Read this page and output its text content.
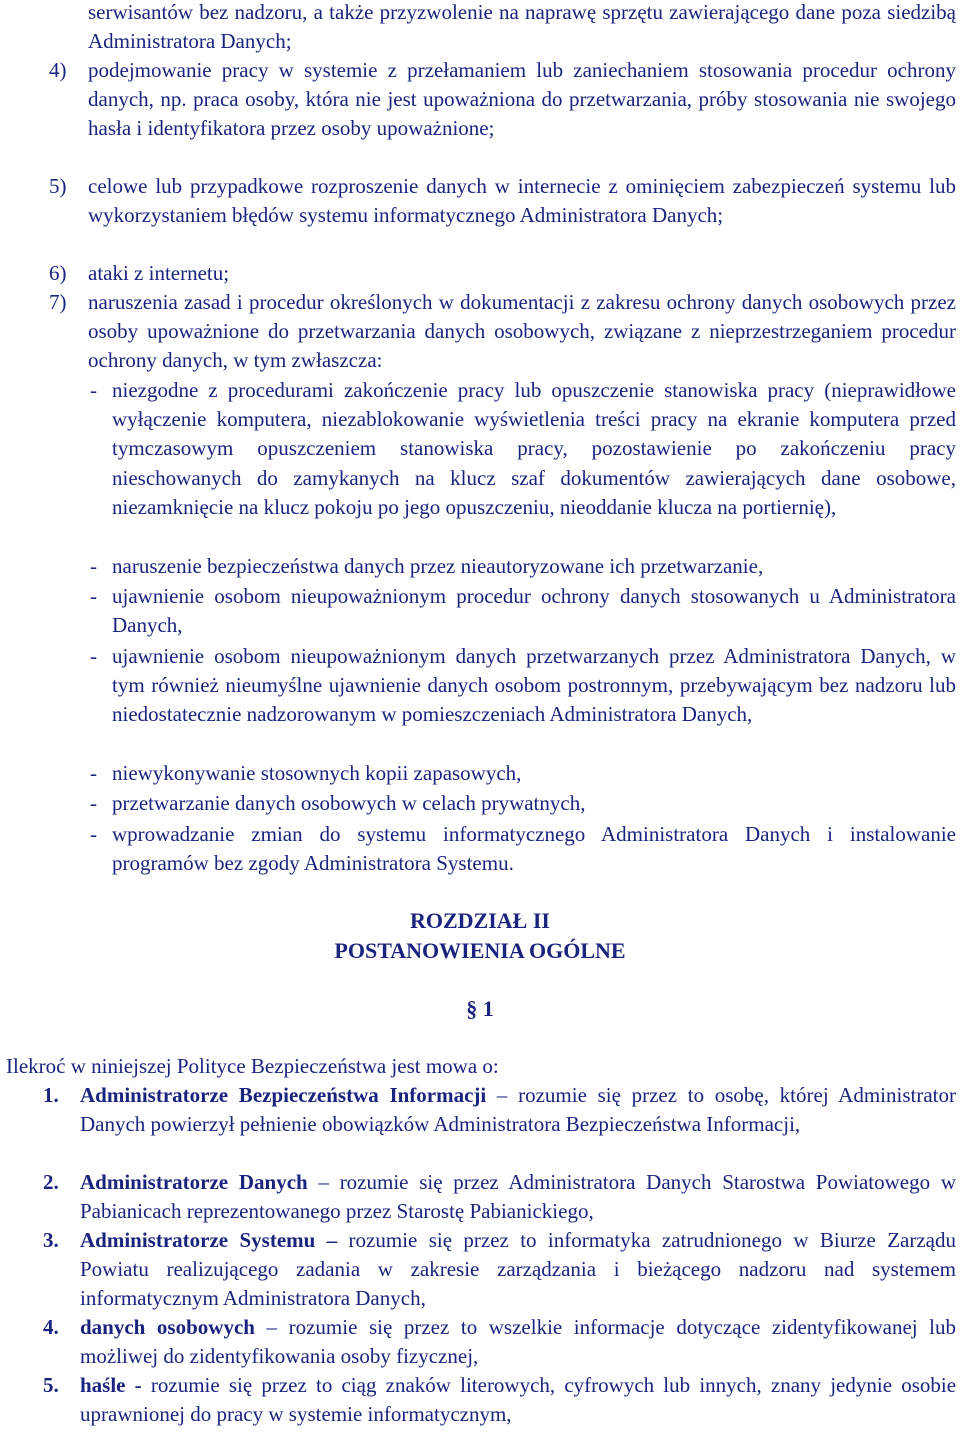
serwisantów bez nadzoru, a także przyzwolenie na naprawę sprzętu zawierającego dane poza siedzibą Administratora Danych;
4)	podejmowanie pracy w systemie z przełamaniem lub zaniechaniem stosowania procedur ochrony danych, np. praca osoby, która nie jest upoważniona do przetwarzania, próby stosowania nie swojego hasła i identyfikatora przez osoby upoważnione;
5)	celowe lub przypadkowe rozproszenie danych w internecie z ominięciem zabezpieczeń systemu lub wykorzystaniem błędów systemu informatycznego Administratora Danych;
6)	ataki z internetu;
7)	naruszenia zasad i procedur określonych w dokumentacji z zakresu ochrony danych osobowych przez osoby upoważnione do przetwarzania danych osobowych, związane z nieprzestrzeganiem procedur ochrony danych, w tym zwłaszcza:
- niezgodne z procedurami zakończenie pracy lub opuszczenie stanowiska pracy (nieprawidłowe wyłączenie komputera, niezablokowanie wyświetlenia treści pracy na ekranie komputera przed tymczasowym opuszczeniem stanowiska pracy, pozostawienie po zakończeniu pracy nieschowanych do zamykanych na klucz szaf dokumentów zawierających dane osobowe, niezamknięcie na klucz pokoju po jego opuszczeniu, nieoddanie klucza na portiernię),
- naruszenie bezpieczeństwa danych przez nieautoryzowane ich przetwarzanie,
- ujawnienie osobom nieupoważnionym procedur ochrony danych stosowanych u Administratora Danych,
- ujawnienie osobom nieupoważnionym danych przetwarzanych przez Administratora Danych, w tym również nieumyślne ujawnienie danych osobom postronnym, przebywającym bez nadzoru lub niedostatecznie nadzorowanym w pomieszczeniach Administratora Danych,
- niewykonywanie stosownych kopii zapasowych,
- przetwarzanie danych osobowych w celach prywatnych,
- wprowadzanie zmian do systemu informatycznego Administratora Danych i instalowanie programów bez zgody Administratora Systemu.
ROZDZIAŁ II
POSTANOWIENIA OGÓLNE
§ 1
Ilekroć w niniejszej Polityce Bezpieczeństwa jest mowa o:
1.	Administratorze Bezpieczeństwa Informacji – rozumie się przez to osobę, której Administrator Danych powierzył pełnienie obowiązków Administratora Bezpieczeństwa Informacji,
2.	Administratorze Danych – rozumie się przez Administratora Danych Starostwa Powiatowego w Pabianicach reprezentowanego przez Starostę Pabianickiego,
3.	Administratorze Systemu – rozumie się przez to informatyka zatrudnionego w Biurze Zarządu Powiatu realizującego zadania w zakresie zarządzania i bieżącego nadzoru nad systemem informatycznym Administratora Danych,
4.	danych osobowych – rozumie się przez to wszelkie informacje dotyczące zidentyfikowanej lub możliwej do zidentyfikowania osoby fizycznej,
5.	haśle - rozumie się przez to ciąg znaków literowych, cyfrowych lub innych, znany jedynie osobie uprawnionej do pracy w systemie informatycznym,
